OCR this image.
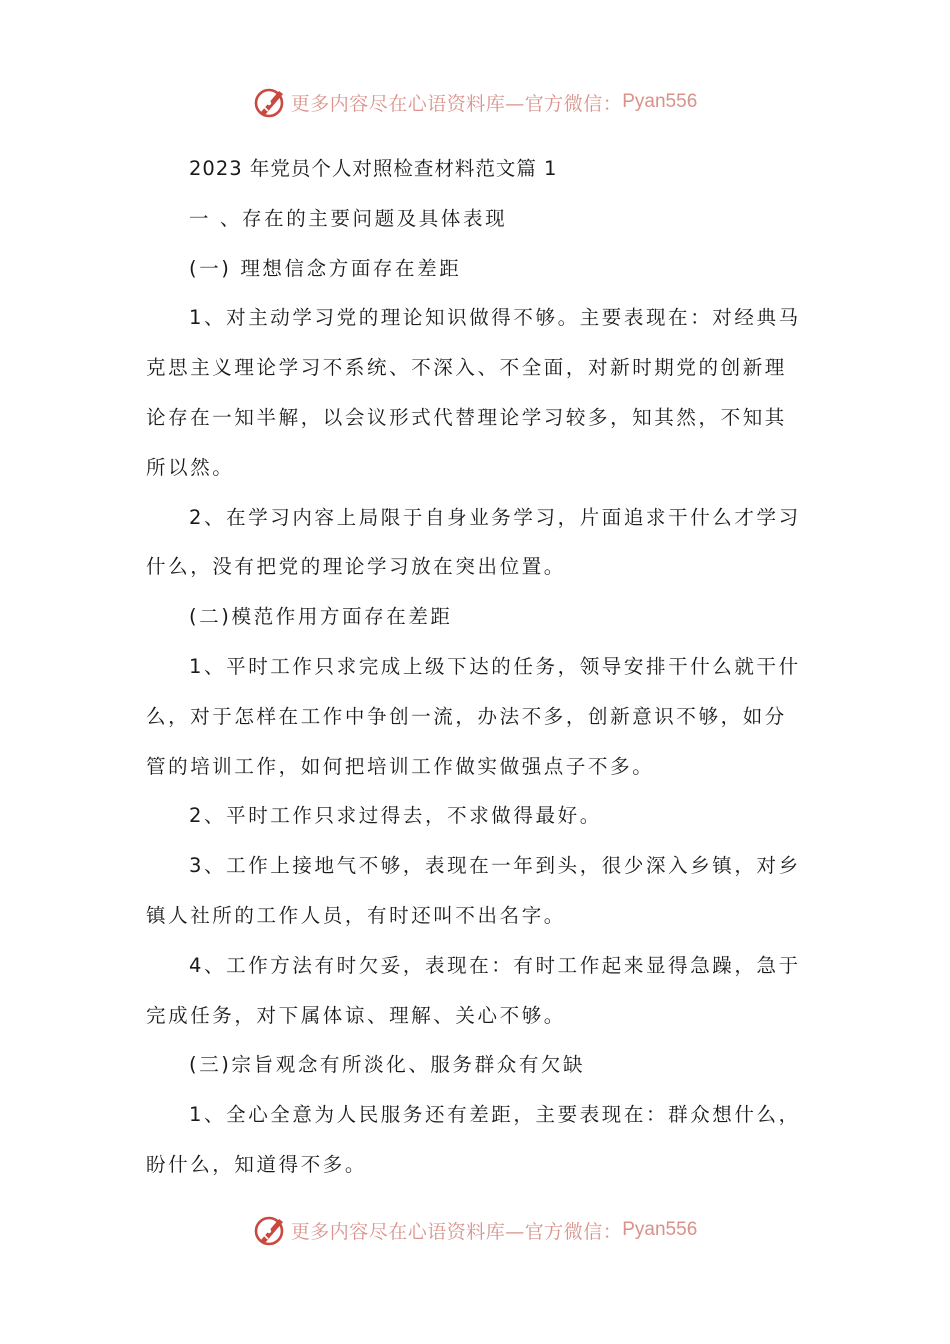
更多内容尽在心语资料库—官方微信： Pyan556
2023 年党员个人对照检查材料范文篇 1
一 、存在的主要问题及具体表现
(一) 理想信念方面存在差距
1、对主动学习党的理论知识做得不够。主要表现在：对经典马
克思主义理论学习不系统、不深入、不全面，对新时期党的创新理
论存在一知半解，以会议形式代替理论学习较多，知其然，不知其
所以然。
2、在学习内容上局限于自身业务学习，片面追求干什么才学习
什么，没有把党的理论学习放在突出位置。
(二)模范作用方面存在差距
1、平时工作只求完成上级下达的任务，领导安排干什么就干什
么，对于怎样在工作中争创一流，办法不多，创新意识不够，如分
管的培训工作，如何把培训工作做实做强点子不多。
2、平时工作只求过得去，不求做得最好。
3、工作上接地气不够，表现在一年到头，很少深入乡镇，对乡
镇人社所的工作人员，有时还叫不出名字。
4、工作方法有时欠妥，表现在：有时工作起来显得急躁，急于
完成任务，对下属体谅、理解、关心不够。
(三)宗旨观念有所淡化、服务群众有欠缺
1、全心全意为人民服务还有差距，主要表现在：群众想什么，
盼什么，知道得不多。
更多内容尽在心语资料库—官方微信： Pyan556
